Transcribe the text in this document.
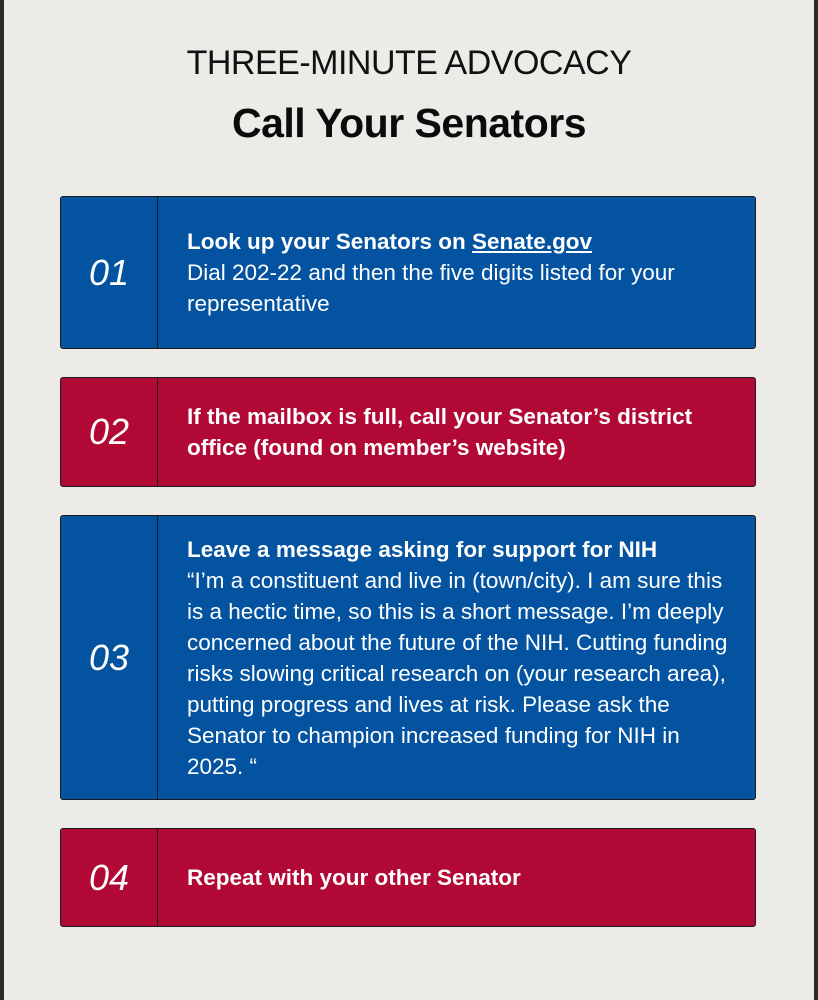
THREE-MINUTE ADVOCACY
Call Your Senators
01
Look up your Senators on Senate.gov
Dial 202-22 and then the five digits listed for your representative
02	If the mailbox is full, call your Senator’s district office (found on member’s website)
03
Leave a message asking for support for NIH
“I’m a constituent and live in (town/city). I am sure this is a hectic time, so this is a short message. I’m deeply concerned about the future of the NIH. Cutting funding risks slowing critical research on (your research area), putting progress and lives at risk. Please ask the Senator to champion increased funding for NIH in 2025. “
04	Repeat with your other Senator
